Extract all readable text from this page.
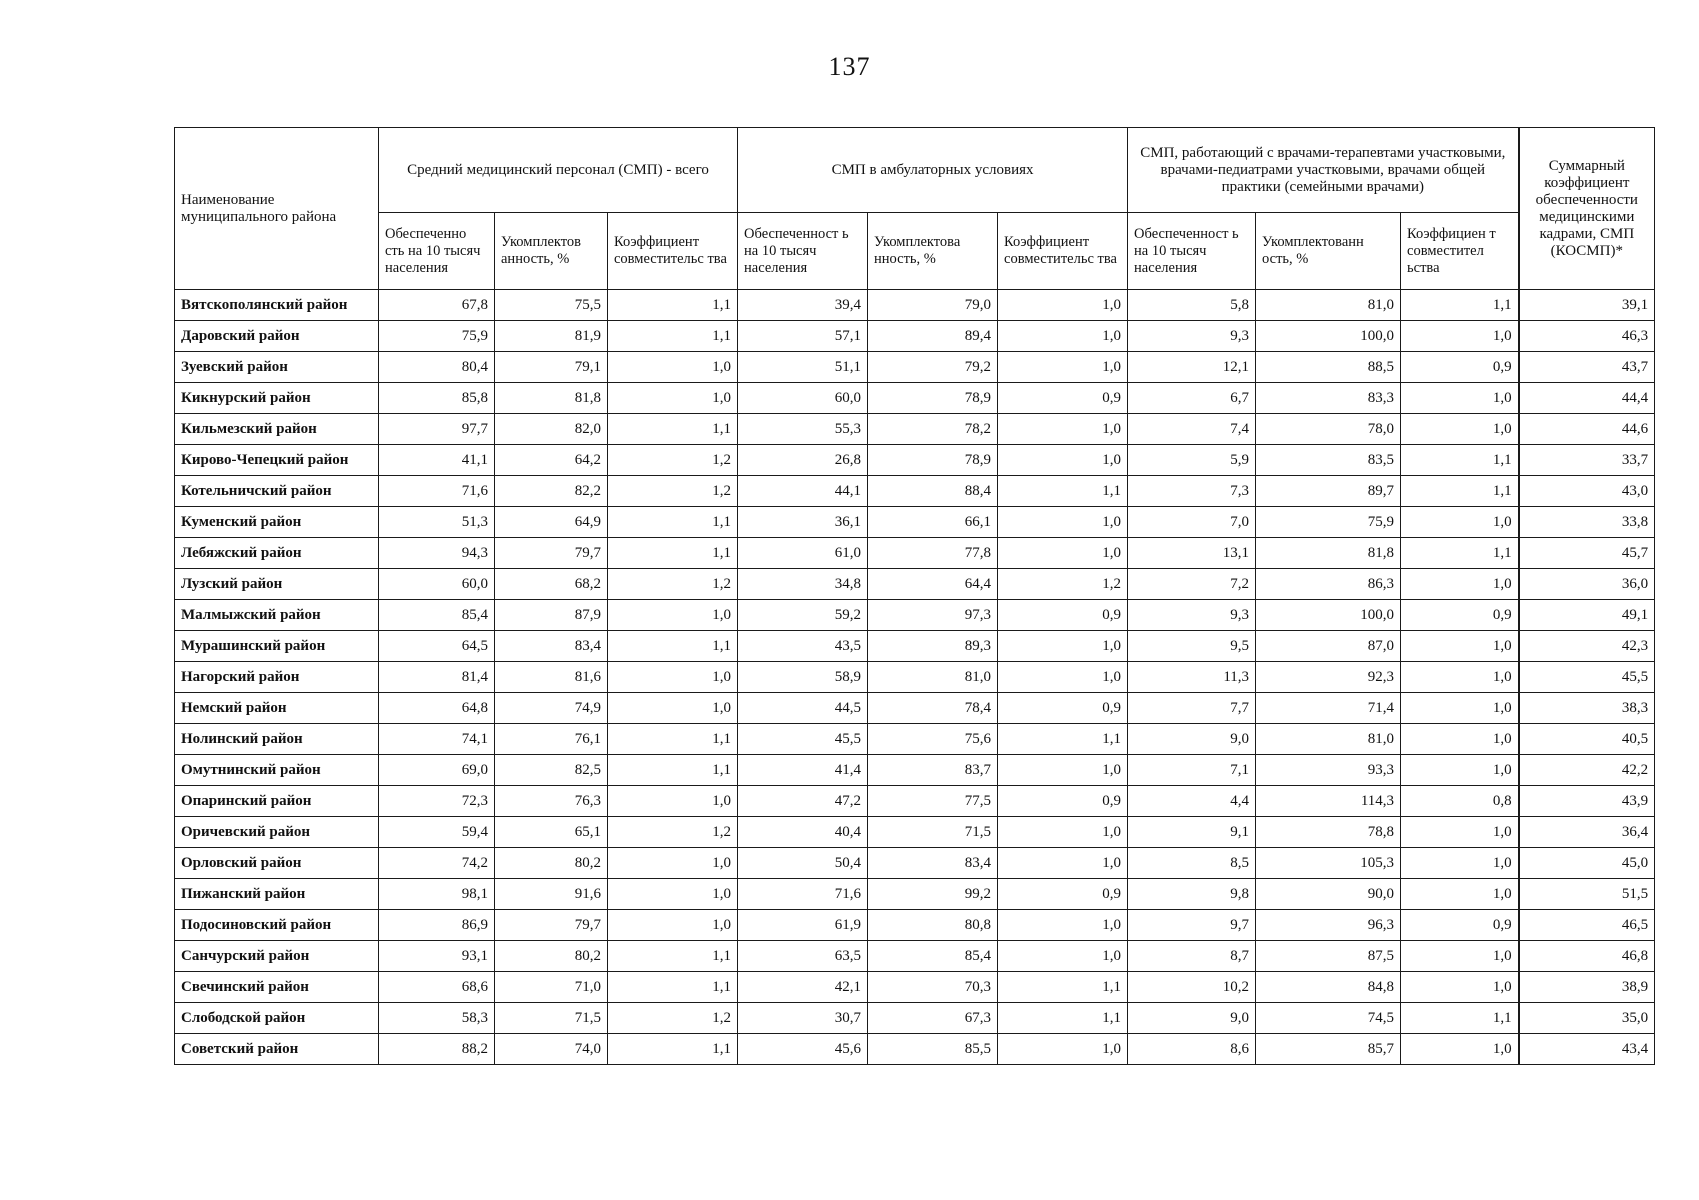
137
Наименование муниципального района	Средний медицинский персонал (СМП) - всего			СМП в амбулаторных условиях			СМП, работающий с врачами-терапевтами участковыми, врачами-педиатрами участковыми, врачами общей практики (семейными врачами)			Суммарный коэффициент обеспеченности медицинскими кадрами, СМП (КОСМП)*
	Обеспеченно сть на 10 тысяч населения	Укомплектов анность, %	Коэффициент совместительс тва	Обеспеченност ь на 10 тысяч населения	Укомплектова нность, %	Коэффициент совместительс тва	Обеспеченност ь на 10 тысяч населения	Укомплектованн ость, %	Коэффициен т совместител ьства	
Вятскополянский район	67,8	75,5	1,1	39,4	79,0	1,0	5,8	81,0	1,1	39,1
Даровский район	75,9	81,9	1,1	57,1	89,4	1,0	9,3	100,0	1,0	46,3
Зуевский район	80,4	79,1	1,0	51,1	79,2	1,0	12,1	88,5	0,9	43,7
Кикнурский район	85,8	81,8	1,0	60,0	78,9	0,9	6,7	83,3	1,0	44,4
Кильмезский район	97,7	82,0	1,1	55,3	78,2	1,0	7,4	78,0	1,0	44,6
Кирово-Чепецкий район	41,1	64,2	1,2	26,8	78,9	1,0	5,9	83,5	1,1	33,7
Котельничский район	71,6	82,2	1,2	44,1	88,4	1,1	7,3	89,7	1,1	43,0
Куменский район	51,3	64,9	1,1	36,1	66,1	1,0	7,0	75,9	1,0	33,8
Лебяжский район	94,3	79,7	1,1	61,0	77,8	1,0	13,1	81,8	1,1	45,7
Лузский район	60,0	68,2	1,2	34,8	64,4	1,2	7,2	86,3	1,0	36,0
Малмыжский район	85,4	87,9	1,0	59,2	97,3	0,9	9,3	100,0	0,9	49,1
Мурашинский район	64,5	83,4	1,1	43,5	89,3	1,0	9,5	87,0	1,0	42,3
Нагорский район	81,4	81,6	1,0	58,9	81,0	1,0	11,3	92,3	1,0	45,5
Немский район	64,8	74,9	1,0	44,5	78,4	0,9	7,7	71,4	1,0	38,3
Нолинский район	74,1	76,1	1,1	45,5	75,6	1,1	9,0	81,0	1,0	40,5
Омутнинский район	69,0	82,5	1,1	41,4	83,7	1,0	7,1	93,3	1,0	42,2
Опаринский район	72,3	76,3	1,0	47,2	77,5	0,9	4,4	114,3	0,8	43,9
Оричевский район	59,4	65,1	1,2	40,4	71,5	1,0	9,1	78,8	1,0	36,4
Орловский район	74,2	80,2	1,0	50,4	83,4	1,0	8,5	105,3	1,0	45,0
Пижанский район	98,1	91,6	1,0	71,6	99,2	0,9	9,8	90,0	1,0	51,5
Подосиновский район	86,9	79,7	1,0	61,9	80,8	1,0	9,7	96,3	0,9	46,5
Санчурский район	93,1	80,2	1,1	63,5	85,4	1,0	8,7	87,5	1,0	46,8
Свечинский район	68,6	71,0	1,1	42,1	70,3	1,1	10,2	84,8	1,0	38,9
Слободской район	58,3	71,5	1,2	30,7	67,3	1,1	9,0	74,5	1,1	35,0
Советский район	88,2	74,0	1,1	45,6	85,5	1,0	8,6	85,7	1,0	43,4
